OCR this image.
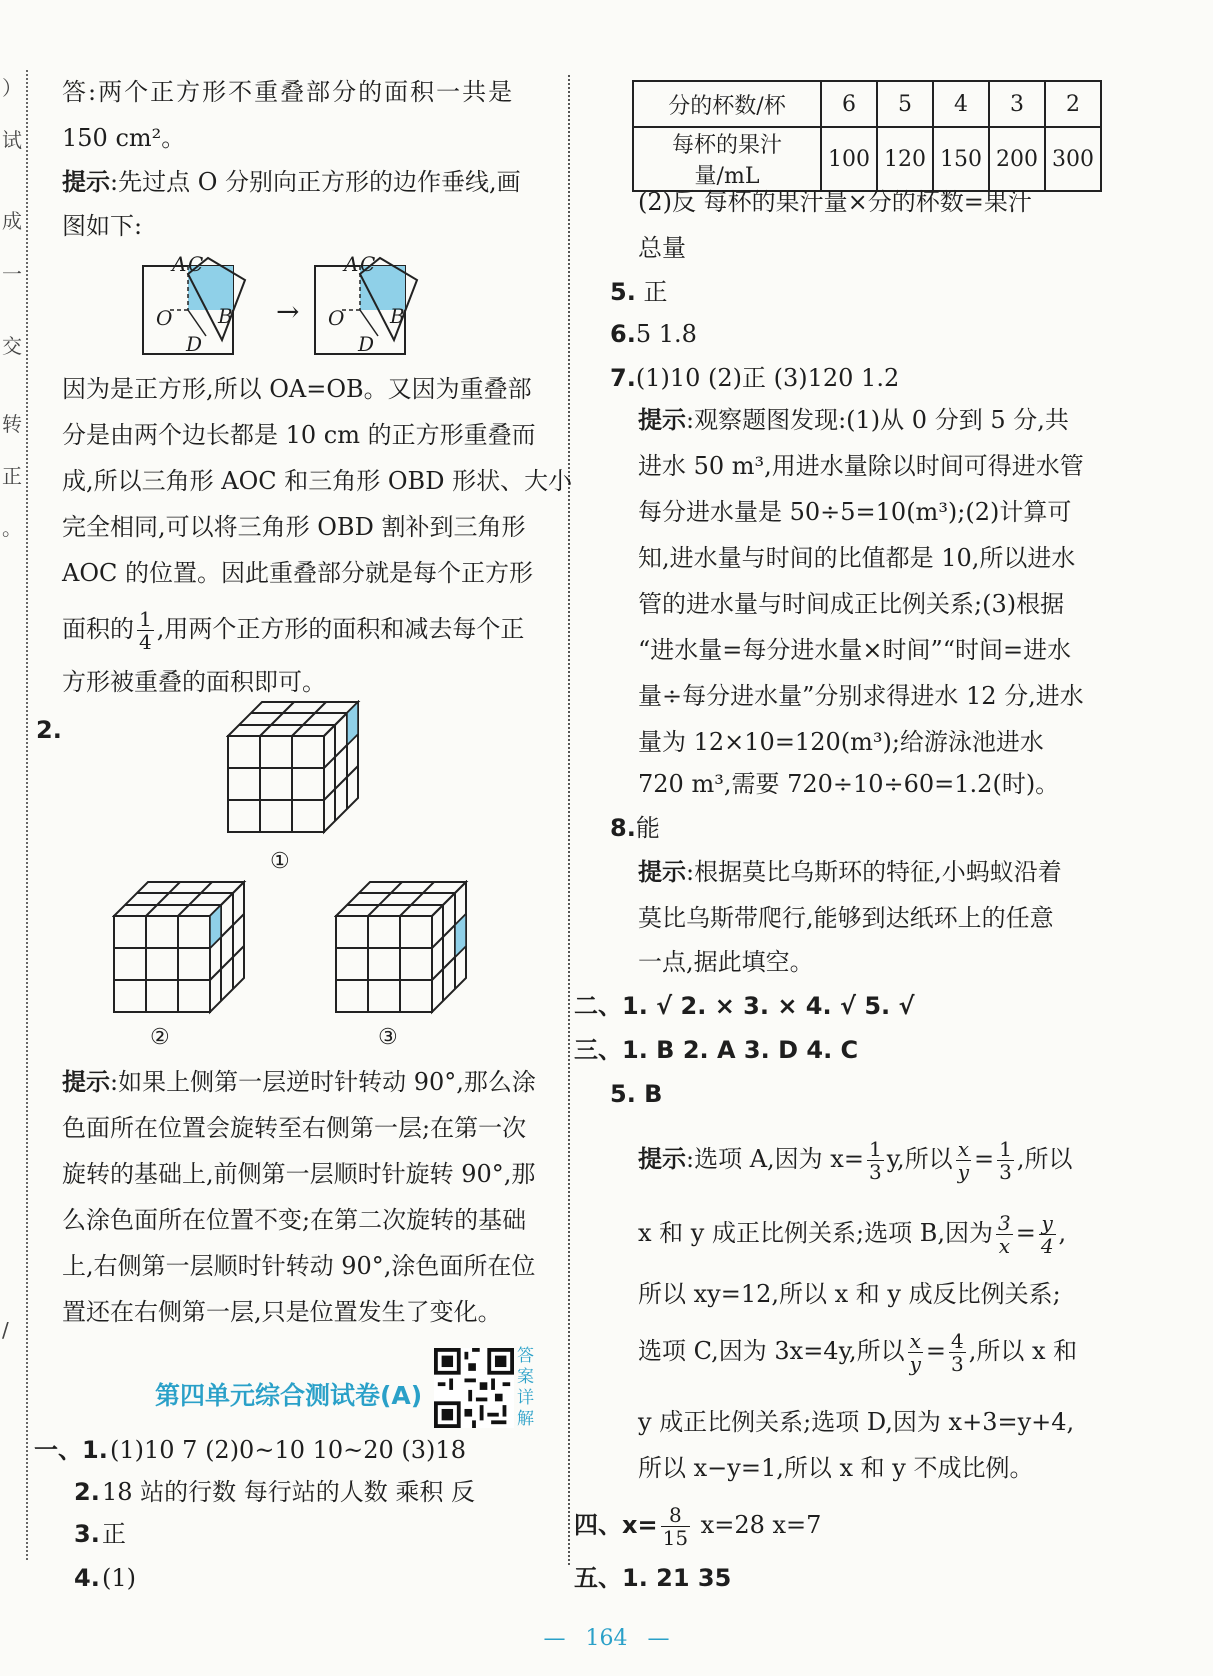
）
试
成
一
交
转
正
。
/
答:两个正方形不重叠部分的面积一共是
150 cm²。
提示:先过点 O 分别向正方形的边作垂线,画
图如下:
A C
O B
D
→
A C
O B
D
因为是正方形,所以 OA=OB。又因为重叠部
分是由两个边长都是 10 cm 的正方形重叠而
成,所以三角形 AOC 和三角形 OBD 形状、大小
完全相同,可以将三角形 OBD 割补到三角形
AOC 的位置。因此重叠部分就是每个正方形
面积的 $\frac{1}{4}$ ,用两个正方形的面积和减去每个正
方形被重叠的面积即可。
2.
①
②	③
提示:如果上侧第一层逆时针转动 90°,那么涂
色面所在位置会旋转至右侧第一层;在第一次
旋转的基础上,前侧第一层顺时针旋转 90°,那
么涂色面所在位置不变;在第二次旋转的基础
上,右侧第一层顺时针转动 90°,涂色面所在位
置还在右侧第一层,只是位置发生了变化。
第四单元综合测试卷(A)
答案详解
一、1. (1)10 7 (2)0~10 10~20 (3)18
2. 18 站的行数 每行站的人数 乘积 反
3. 正
4. (1)
分的杯数/杯	6	5	4	3	2
每杯的果汁量/mL	100	120	150	200	300
(2)反 每杯的果汁量×分的杯数=果汁
总量
5. 正
6.5 1.8
7.(1)10 (2)正 (3)120 1.2
提示:观察题图发现:(1)从 0 分到 5 分,共
进水 50 m³,用进水量除以时间可得进水管
每分进水量是 50÷5=10(m³);(2)计算可
知,进水量与时间的比值都是 10,所以进水
管的进水量与时间成正比例关系;(3)根据
“进水量=每分进水量×时间”“时间=进水
量÷每分进水量”分别求得进水 12 分,进水
量为 12×10=120(m³);给游泳池进水
720 m³,需要 720÷10÷60=1.2(时)。
8.能
提示:根据莫比乌斯环的特征,小蚂蚁沿着
莫比乌斯带爬行,能够到达纸环上的任意
一点,据此填空。
二、1. √ 2. × 3. × 4. √ 5. √
三、1. B 2. A 3. D 4. C
5. B
提示:选项 A,因为 $x= \frac{1}{3} y$,所以 $\frac{x}{y} = \frac{1}{3}$ ,所以
x 和 y 成正比例关系;选项 B,因为 $\frac{3}{x} = \frac{y}{4}$ ,
所以 xy=12,所以 x 和 y 成反比例关系;
选项 C,因为 3x=4y,所以 $\frac{x}{y} = \frac{4}{3}$ ,所以 x 和
y 成正比例关系;选项 D,因为 x+3=y+4,
所以 x−y=1,所以 x 和 y 不成比例。
四、$x= \frac{8}{15} x=28$ x=7
五、1. 21 35
— 164 —
